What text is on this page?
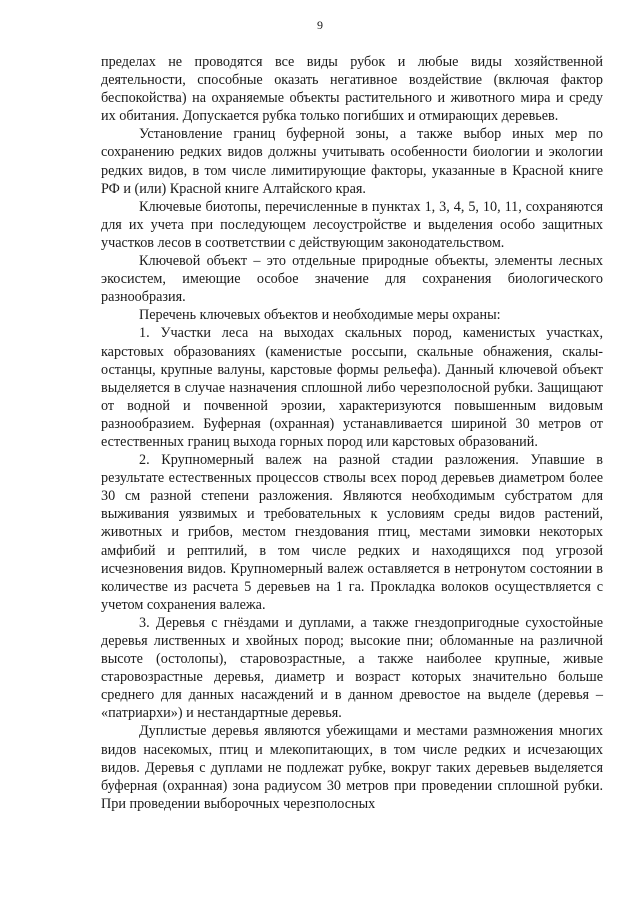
9

пределах не проводятся все виды рубок и любые виды хозяйственной деятельности, способные оказать негативное воздействие (включая фактор беспокойства) на охраняемые объекты растительного и животного мира и среду их обитания. Допускается рубка только погибших и отмирающих деревьев.

Установление границ буферной зоны, а также выбор иных мер по сохранению редких видов должны учитывать особенности биологии и экологии редких видов, в том числе лимитирующие факторы, указанные в Красной книге РФ и (или) Красной книге Алтайского края.

Ключевые биотопы, перечисленные в пунктах 1, 3, 4, 5, 10, 11, сохраняются для их учета при последующем лесоустройстве и выделения особо защитных участков лесов в соответствии с действующим законодательством.

Ключевой объект – это отдельные природные объекты, элементы лесных экосистем, имеющие особое значение для сохранения биологического разнообразия.

Перечень ключевых объектов и необходимые меры охраны:

1. Участки леса на выходах скальных пород, каменистых участках, карстовых образованиях (каменистые россыпи, скальные обнажения, скалы-останцы, крупные валуны, карстовые формы рельефа). Данный ключевой объект выделяется в случае назначения сплошной либо черезполосной рубки. Защищают от водной и почвенной эрозии, характеризуются повышенным видовым разнообразием. Буферная (охранная) устанавливается шириной 30 метров от естественных границ выхода горных пород или карстовых образований.

2. Крупномерный валеж на разной стадии разложения. Упавшие в результате естественных процессов стволы всех пород деревьев диаметром более 30 см разной степени разложения. Являются необходимым субстратом для выживания уязвимых и требовательных к условиям среды видов растений, животных и грибов, местом гнездования птиц, местами зимовки некоторых амфибий и рептилий, в том числе редких и находящихся под угрозой исчезновения видов. Крупномерный валеж оставляется в нетронутом состоянии в количестве из расчета 5 деревьев на 1 га. Прокладка волоков осуществляется с учетом сохранения валежа.

3. Деревья с гнёздами и дуплами, а также гнездопригодные сухостойные деревья лиственных и хвойных пород; высокие пни; обломанные на различной высоте (остолопы), старовозрастные, а также наиболее крупные, живые старовозрастные деревья, диаметр и возраст которых значительно больше среднего для данных насаждений и в данном древостое на выделе (деревья – «патриархи») и нестандартные деревья.

Дуплистые деревья являются убежищами и местами размножения многих видов насекомых, птиц и млекопитающих, в том числе редких и исчезающих видов. Деревья с дуплами не подлежат рубке, вокруг таких деревьев выделяется буферная (охранная) зона радиусом 30 метров при проведении сплошной рубки. При проведении выборочных черезполосных
